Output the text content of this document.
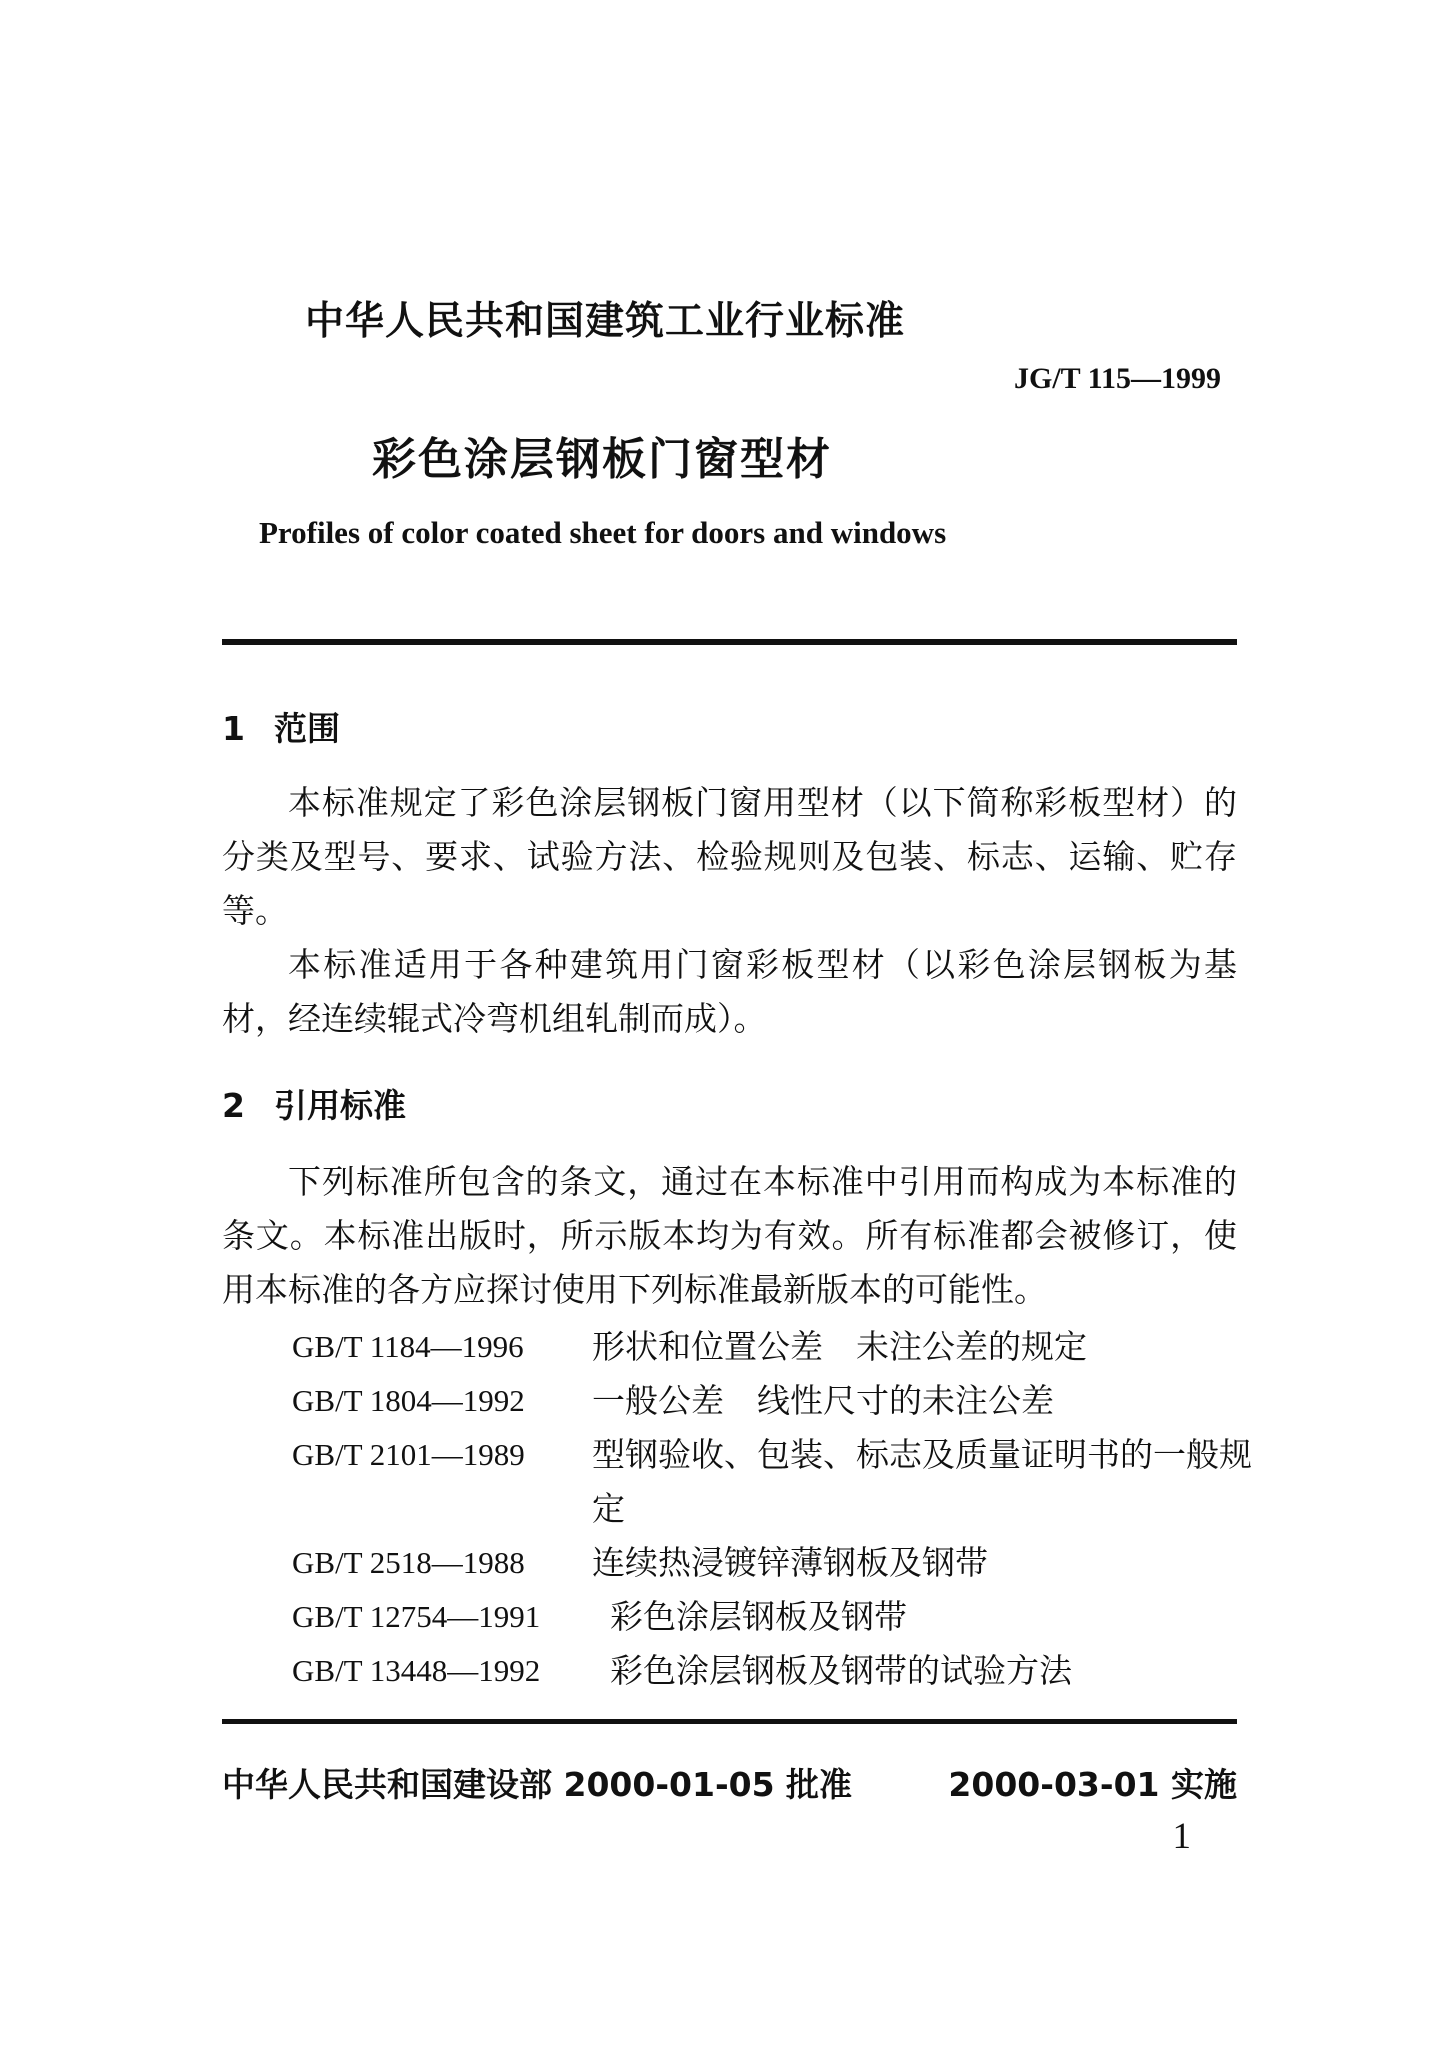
中华人民共和国建筑工业行业标准
JG/T 115—1999
彩色涂层钢板门窗型材
Profiles of color coated sheet for doors and windows
1 范围
本标准规定了彩色涂层钢板门窗用型材（以下简称彩板型材）的分类及型号、要求、试验方法、检验规则及包装、标志、运输、贮存等。
本标准适用于各种建筑用门窗彩板型材（以彩色涂层钢板为基材，经连续辊式冷弯机组轧制而成）。
2 引用标准
下列标准所包含的条文，通过在本标准中引用而构成为本标准的条文。本标准出版时，所示版本均为有效。所有标准都会被修订，使用本标准的各方应探讨使用下列标准最新版本的可能性。
GB/T 1184—1996	形状和位置公差　未注公差的规定
GB/T 1804—1992	一般公差　线性尺寸的未注公差
GB/T 2101—1989	型钢验收、包装、标志及质量证明书的一般规定
GB/T 2518—1988	连续热浸镀锌薄钢板及钢带
GB/T 12754—1991	彩色涂层钢板及钢带
GB/T 13448—1992	彩色涂层钢板及钢带的试验方法
中华人民共和国建设部 2000-01-05 批准	2000-03-01 实施
1
